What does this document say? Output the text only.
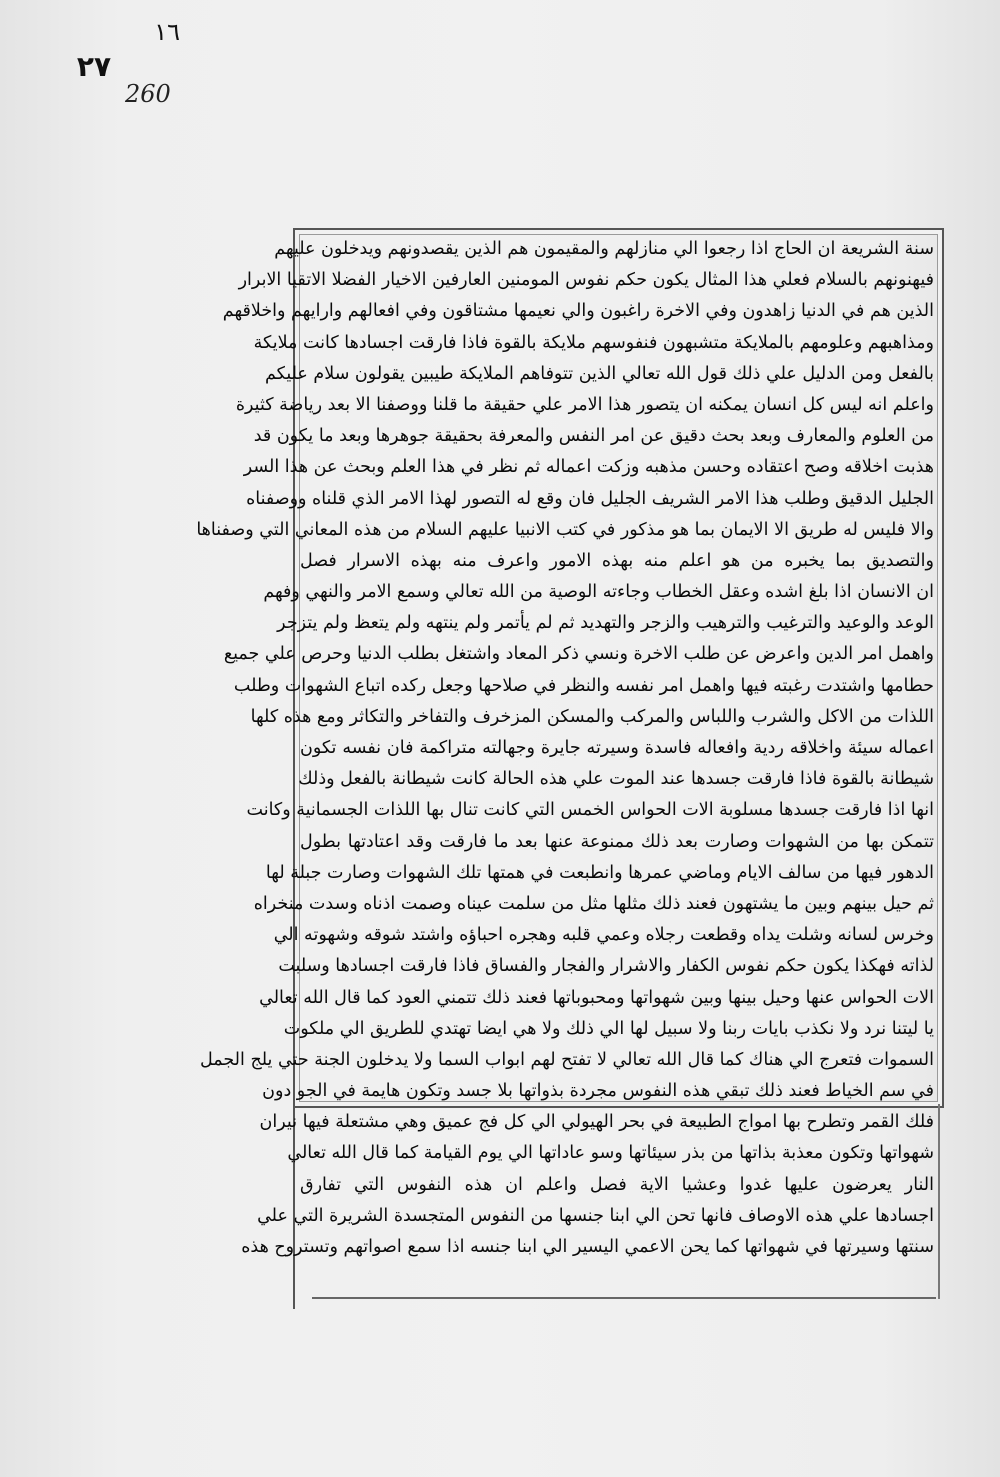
١٦
٢٧
260
سنة الشريعة ان الحاج اذا رجعوا الي منازلهم والمقيمون هم الذين يقصدونهم ويدخلون عليهم
فيهنونهم بالسلام فعلي هذا المثال يكون حكم نفوس المومنين العارفين الاخيار الفضلا الاتقيا الابرار
الذين هم في الدنيا زاهدون وفي الاخرة راغبون والي نعيمها مشتاقون وفي افعالهم وارايهم واخلاقهم
ومذاهبهم وعلومهم بالملايكة متشبهون فنفوسهم ملايكة بالقوة فاذا فارقت اجسادها كانت ملايكة
بالفعل ومن الدليل علي ذلك قول الله تعالي الذين تتوفاهم الملايكة طيبين يقولون سلام عليكم
واعلم انه ليس كل انسان يمكنه ان يتصور هذا الامر علي حقيقة ما قلنا ووصفنا الا بعد رياضة كثيرة
من العلوم والمعارف وبعد بحث دقيق عن امر النفس والمعرفة بحقيقة جوهرها وبعد ما يكون قد
هذبت اخلاقه وصح اعتقاده وحسن مذهبه وزكت اعماله ثم نظر في هذا العلم وبحث عن هذا السر
الجليل الدقيق وطلب هذا الامر الشريف الجليل فان وقع له التصور لهذا الامر الذي قلناه ووصفناه
والا فليس له طريق الا الايمان بما هو مذكور في كتب الانبيا عليهم السلام من هذه المعاني التي وصفناها
والتصديق بما يخبره من هو اعلم منه بهذه الامور واعرف منه بهذه الاسرار فصل
ان الانسان اذا بلغ اشده وعقل الخطاب وجاءته الوصية من الله تعالي وسمع الامر والنهي وفهم
الوعد والوعيد والترغيب والترهيب والزجر والتهديد ثم لم يأتمر ولم ينتهه ولم يتعظ ولم يتزجر
واهمل امر الدين واعرض عن طلب الاخرة ونسي ذكر المعاد واشتغل بطلب الدنيا وحرص علي جميع
حطامها واشتدت رغبته فيها واهمل امر نفسه والنظر في صلاحها وجعل ركده اتباع الشهوات وطلب
اللذات من الاكل والشرب واللباس والمركب والمسكن المزخرف والتفاخر والتكاثر ومع هذه كلها
اعماله سيئة واخلاقه ردية وافعاله فاسدة وسيرته جايرة وجهالته متراكمة فان نفسه تكون
شيطانة بالقوة فاذا فارقت جسدها عند الموت علي هذه الحالة كانت شيطانة بالفعل وذلك
انها اذا فارقت جسدها مسلوبة الات الحواس الخمس التي كانت تنال بها اللذات الجسمانية وكانت
تتمكن بها من الشهوات وصارت بعد ذلك ممنوعة عنها بعد ما فارقت وقد اعتادتها بطول
الدهور فيها من سالف الايام وماضي عمرها وانطبعت في همتها تلك الشهوات وصارت جبلة لها
ثم حيل بينهم وبين ما يشتهون فعند ذلك مثلها مثل من سلمت عيناه وصمت اذناه وسدت منخراه
وخرس لسانه وشلت يداه وقطعت رجلاه وعمي قلبه وهجره احباؤه واشتد شوقه وشهوته الي
لذاته فهكذا يكون حكم نفوس الكفار والاشرار والفجار والفساق فاذا فارقت اجسادها وسلبت
الات الحواس عنها وحيل بينها وبين شهواتها ومحبوباتها فعند ذلك تتمني العود كما قال الله تعالي
يا ليتنا نرد ولا نكذب بايات ربنا ولا سبيل لها الي ذلك ولا هي ايضا تهتدي للطريق الي ملكوت
السموات فتعرج الي هناك كما قال الله تعالي لا تفتح لهم ابواب السما ولا يدخلون الجنة حتي يلج الجمل
في سم الخياط فعند ذلك تبقي هذه النفوس مجردة بذواتها بلا جسد وتكون هايمة في الجو دون
فلك القمر وتطرح بها امواج الطبيعة في بحر الهيولي الي كل فج عميق وهي مشتعلة فيها نيران
شهواتها وتكون معذبة بذاتها من بذر سيئاتها وسو عاداتها الي يوم القيامة كما قال الله تعالي
النار يعرضون عليها غدوا وعشيا الاية فصل واعلم ان هذه النفوس التي تفارق
اجسادها علي هذه الاوصاف فانها تحن الي ابنا جنسها من النفوس المتجسدة الشريرة التي علي
سنتها وسيرتها في شهواتها كما يحن الاعمي اليسير الي ابنا جنسه اذا سمع اصواتهم وتستروح هذه
